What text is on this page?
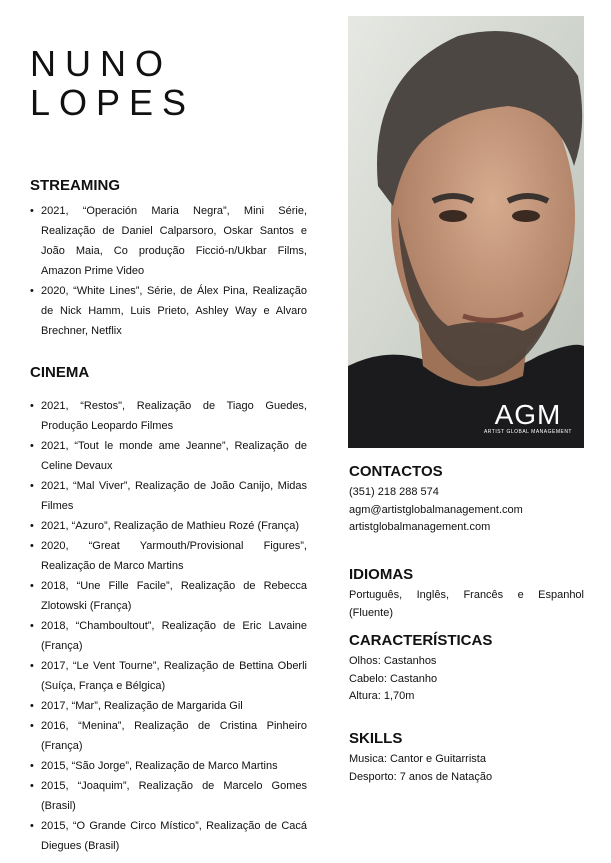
NUNO
LOPES
STREAMING
• 2021, “Operación Maria Negra”, Mini Série, Realização de Daniel Calparsoro, Oskar Santos e João Maia, Co produção Ficció-n/Ukbar Films, Amazon Prime Video
• 2020, “White Lines”, Série, de Álex Pina, Realização de Nick Hamm, Luis Prieto, Ashley Way e Alvaro Brechner, Netflix
CINEMA
• 2021, “Restos", Realização de Tiago Guedes, Produção Leopardo Filmes
• 2021, “Tout le monde ame Jeanne”, Realização de Celine Devaux
• 2021, “Mal Viver”, Realização de João Canijo, Midas Filmes
• 2021, “Azuro”, Realização de Mathieu Rozé (França)
• 2020, “Great Yarmouth/Provisional Figures”, Realização de Marco Martins
• 2018, “Une Fille Facile”, Realização de Rebecca Zlotowski (França)
• 2018, “Chamboultout”, Realização de Eric Lavaine (França)
• 2017, “Le Vent Tourne”, Realização de Bettina Oberli (Suíça, França e Bélgica)
• 2017, “Mar”, Realização de Margarida Gil
• 2016, “Menina”, Realização de Cristina Pinheiro (França)
• 2015, “São Jorge”, Realização de Marco Martins
• 2015, “Joaquim”, Realização de Marcelo Gomes (Brasil)
• 2015, “O Grande Circo Místico”, Realização de Cacá Diegues (Brasil)
AGM
ARTIST GLOBAL MANAGEMENT
CONTACTOS

(351) 218 288 574

agm@artistglobalmanagement.com

artistglobalmanagement.com

IDIOMAS

Português, Inglês, Francês e Espanhol (Fluente)

CARACTERÍSTICAS

Olhos: Castanhos

Cabelo: Castanho

Altura: 1,70m

SKILLS

Musica: Cantor e Guitarrista

Desporto: 7 anos de Natação
